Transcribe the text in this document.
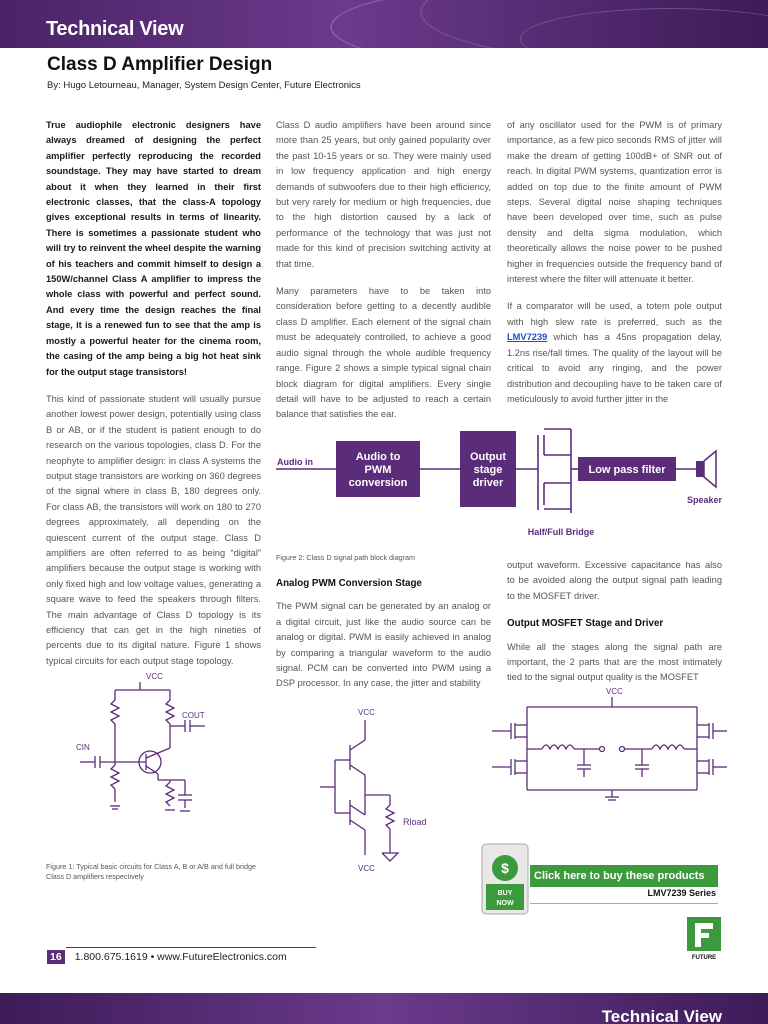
Technical View
Class D Amplifier Design
By: Hugo Letourneau, Manager, System Design Center, Future Electronics

True audiophile electronic designers have always dreamed of designing the perfect amplifier perfectly reproducing the recorded soundstage. They may have started to dream about it when they learned in their first electronic classes, that the class-A topology gives exceptional results in terms of linearity. There is sometimes a passionate student who will try to reinvent the wheel despite the warning of his teachers and commit himself to design a 150W/channel Class A amplifier to impress the whole class with powerful and perfect sound. And every time the design reaches the final stage, it is a renewed fun to see that the amp is mostly a powerful heater for the cinema room, the casing of the amp being a big hot heat sink for the output stage transistors!

This kind of passionate student will usually pursue another lowest power design, potentially using class B or AB, or if the student is patient enough to do research on the various topologies, class D. For the neophyte to amplifier design: in class A systems the output stage transistors are working on 360 degrees of the signal where in class B, 180 degrees only. For class AB, the transistors will work on 180 to 270 degrees approximately, all depending on the quiescent current of the output stage. Class D amplifiers are often referred to as being “digital” amplifiers because the output stage is working with only fixed high and low voltage values, generating a square wave to feed the speakers through filters. The main advantage of Class D topology is its efficiency that can get in the high nineties of percents due to its digital nature. Figure 1 shows typical circuits for each output stage topology.

Class D audio amplifiers have been around since more than 25 years, but only gained popularity over the past 10-15 years or so. They were mainly used in low frequency application and high energy demands of subwoofers due to their high efficiency, but very rarely for medium or high frequencies, due to the high distortion caused by a lack of performance of the technology that was just not made for this kind of precision switching activity at that time.

Many parameters have to be taken into consideration before getting to a decently audible class D amplifier. Each element of the signal chain must be adequately controlled, to achieve a good audio signal through the whole audible frequency range. Figure 2 shows a simple typical signal chain block diagram for digital amplifiers. Every single detail will have to be adjusted to reach a certain balance that satisfies the ear.

Analog PWM Conversion Stage

The PWM signal can be generated by an analog or a digital circuit, just like the audio source can be analog or digital. PWM is easily achieved in analog by comparing a triangular waveform to the audio signal. PCM can be converted into PWM using a DSP processor. In any case, the jitter and stability

of any oscillator used for the PWM is of primary importance, as a few pico seconds RMS of jitter will make the dream of getting 100dB+ of SNR out of reach. In digital PWM systems, quantization error is added on top due to the finite amount of PWM steps. Several digital noise shaping techniques have been developed over time, such as pulse density and delta sigma modulation, which theoretically allows the noise power to be pushed higher in frequencies outside the frequency band of interest where the filter will attenuate it better.

If a comparator will be used, a totem pole output with high slew rate is preferred, such as the LMV7239 which has a 45ns propagation delay, 1.2ns rise/fall times. The quality of the layout will be critical to avoid any ringing, and the power distribution and decoupling have to be taken care of meticulously to avoid further jitter in the

output waveform. Excessive capacitance has also to be avoided along the output signal path leading to the MOSFET driver.

Output MOSFET Stage and Driver

While all the stages along the signal path are important, the 2 parts that are the most intimately tied to the signal output quality is the MOSFET

Audio in	Audio to
PWM
conversion
Output
stage
driver
Low pass filter
Speaker
Half/Full Bridge
Figure 2: Class D signal path block diagram
VCC
COUT
CIN
VCC
VCC
Rload
VCC
Figure 1: Typical basic circuits for Class A, B or A/B and full bridge Class D amplifiers respectively
$
BUY
NOW
Click here to buy these products
LMV7239 Series
16 1.800.675.1619 • www.FutureElectronics.com	FUTURE
Technical View
